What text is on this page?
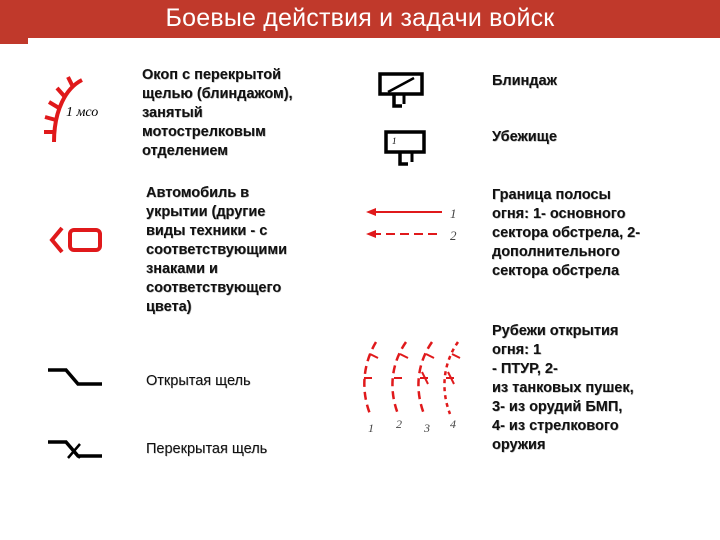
Боевые действия и задачи войск
Окоп с перекрытой
щелью (блиндажом),
занятый
мотострелковым
отделением
Автомобиль в
укрытии (другие
виды техники - с
соответствующими
знаками и
соответствующего
цвета)
Открытая щель
Перекрытая щель
Блиндаж
Убежище
Граница полосы
огня: 1- основного
сектора обстрела, 2-
дополнительного
сектора обстрела
Рубежи открытия
огня: 1
- ПТУР, 2-
из танковых пушек,
3- из орудий БМП,
4- из стрелкового
оружия
1 мсо
1
1
2
1 2 3 4
